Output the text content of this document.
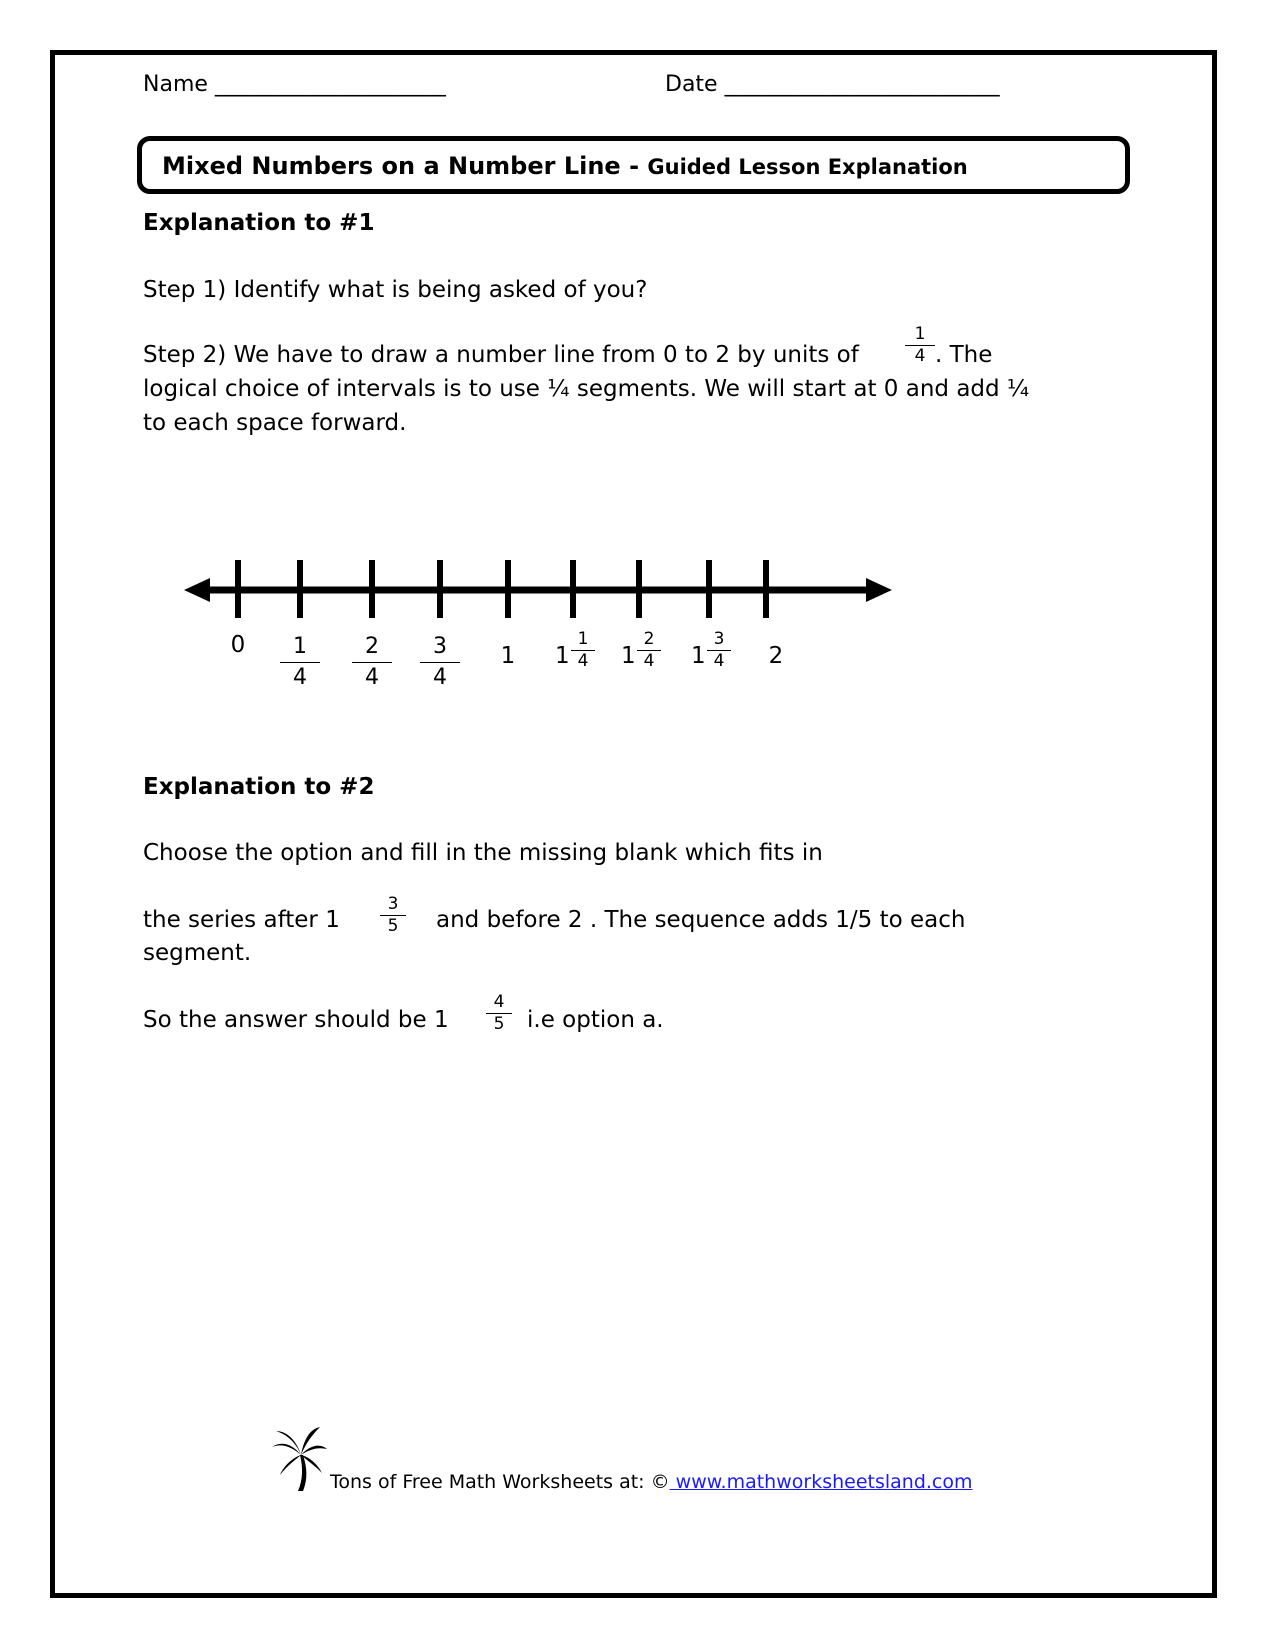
Name _____________________	Date _________________________
Mixed Numbers on a Number Line - Guided Lesson Explanation
Explanation to #1
Step 1) Identify what is being asked of you?
Step 2) We have to draw a number line from 0 to 2 by units of
1
4 . The
logical choice of intervals is to use ¼ segments. We will start at 0 and add ¼
to each space forward.
0	1
4
2
4
3
4
1	1
1
4 1
2
4 1
3
4	2
Explanation to #2
Choose the option and fill in the missing blank which fits in
the series after 1
3
5	and before 2 . The sequence adds 1/5 to each
segment.
So the answer should be 1
4
5 i.e option a.
Tons of Free Math Worksheets at: © www.mathworksheetsland.com
